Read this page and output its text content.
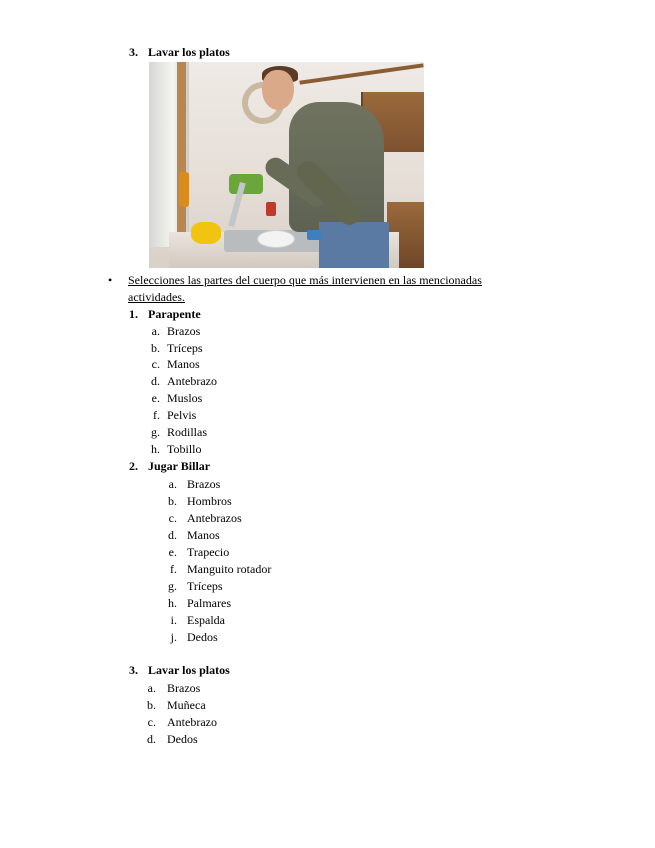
3. Lavar los platos
• Selecciones las partes del cuerpo que más intervienen en las mencionadas
actividades.
1. Parapente
a. Brazos
b. Tríceps
c. Manos
d. Antebrazo
e. Muslos
f. Pelvis
g. Rodillas
h. Tobillo
2. Jugar Billar
a. Brazos
b. Hombros
c. Antebrazos
d. Manos
e. Trapecio
f. Manguito rotador
g. Tríceps
h. Palmares
i. Espalda
j. Dedos
3. Lavar los platos
a. Brazos
b. Muñeca
c. Antebrazo
d. Dedos
